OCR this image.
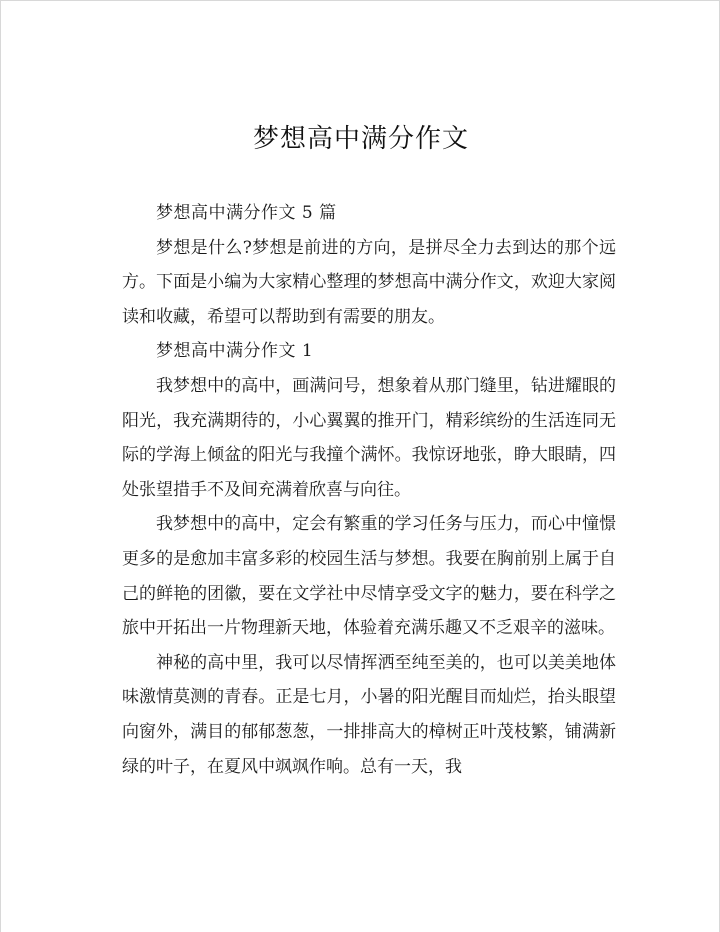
梦想高中满分作文

梦想高中满分作文 5 篇

梦想是什么?梦想是前进的方向，是拼尽全力去到达的那个远方。下面是小编为大家精心整理的梦想高中满分作文，欢迎大家阅读和收藏，希望可以帮助到有需要的朋友。

梦想高中满分作文 1

我梦想中的高中，画满问号，想象着从那门缝里，钻进耀眼的阳光，我充满期待的，小心翼翼的推开门，精彩缤纷的生活连同无际的学海上倾盆的阳光与我撞个满怀。我惊讶地张，睁大眼睛，四处张望措手不及间充满着欣喜与向往。

我梦想中的高中，定会有繁重的学习任务与压力，而心中憧憬更多的是愈加丰富多彩的校园生活与梦想。我要在胸前别上属于自己的鲜艳的团徽，要在文学社中尽情享受文字的魅力，要在科学之旅中开拓出一片物理新天地，体验着充满乐趣又不乏艰辛的滋味。

神秘的高中里，我可以尽情挥洒至纯至美的，也可以美美地体味激情莫测的青春。正是七月，小暑的阳光醒目而灿烂，抬头眼望向窗外，满目的郁郁葱葱，一排排高大的樟树正叶茂枝繁，铺满新绿的叶子，在夏风中飒飒作响。总有一天，我
